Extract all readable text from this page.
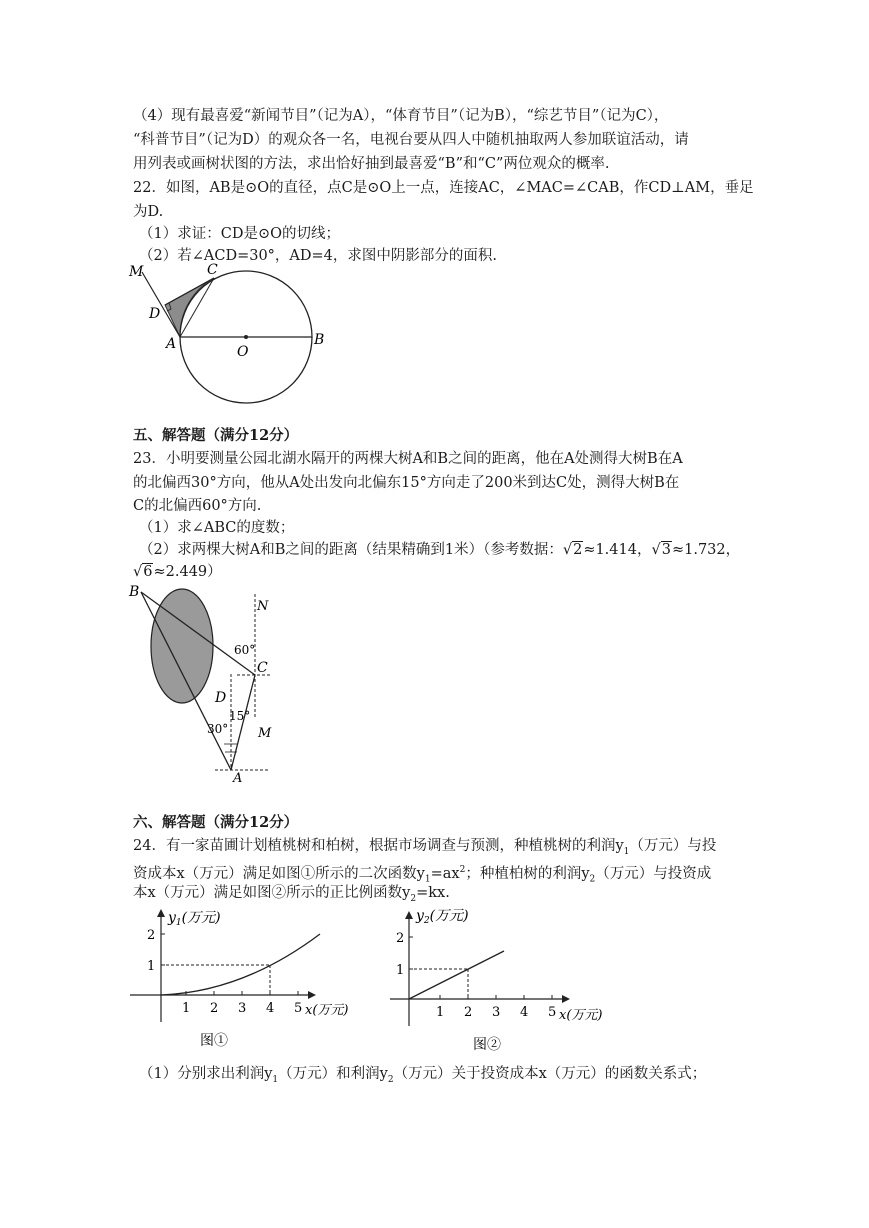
（4）现有最喜爱“新闻节目”（记为A），“体育节目”（记为B），“综艺节目”（记为C），
“科普节目”（记为D）的观众各一名，电视台要从四人中随机抽取两人参加联谊活动，请
用列表或画树状图的方法，求出恰好抽到最喜爱“B”和“C”两位观众的概率.
22．如图，AB是⊙O的直径，点C是⊙O上一点，连接AC，∠MAC=∠CAB，作CD⊥AM，垂足
为D.
（1）求证：CD是⊙O的切线；
（2）若∠ACD=30°，AD=4，求图中阴影部分的面积.
M	C
D
A	O
B
五、解答题（满分12分）
23．小明要测量公园北湖水隔开的两棵大树A和B之间的距离，他在A处测得大树B在A
的北偏西30°方向，他从A处出发向北偏东15°方向走了200米到达C处，测得大树B在
C的北偏西60°方向.
（1）求∠ABC的度数；
（2）求两棵大树A和B之间的距离（结果精确到1米）（参考数据：√2≈1.414，√3≈1.732，
√6≈2.449）
B
N
60°
C
D
15°
30° M
A
六、解答题（满分12分）
24．有一家苗圃计划植桃树和柏树，根据市场调查与预测，种植桃树的利润$y_1$（万元）与投
资成本x（万元）满足如图①所示的二次函数$y_1=ax^2$；种植柏树的利润$y_2$（万元）与投资成
本x（万元）满足如图②所示的正比例函数$y_2=kx$.
$y_1$(万元)
x(万元)
1
2
1 2 3 4 5
图①
$y_2$(万元)
x(万元)
1
2
1 2 3 4 5
图②
（1）分别求出利润$y_1$（万元）和利润$y_2$（万元）关于投资成本x（万元）的函数关系式；
